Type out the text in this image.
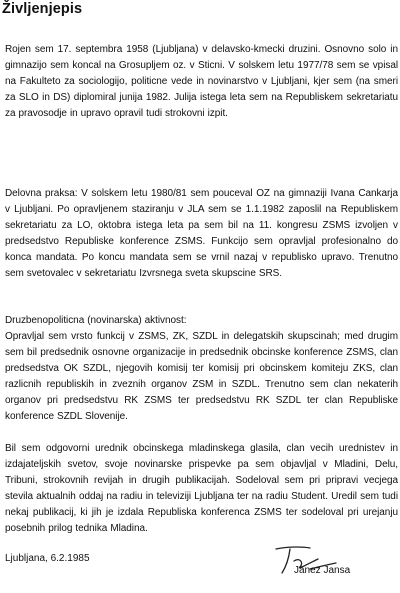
Življenjepis

Rojen sem 17. septembra 1958 (Ljubljana) v delavsko-kmecki druzini. Osnovno solo in gimnazijo sem koncal na Grosupljem oz. v Sticni. V solskem letu 1977/78 sem se vpisal na Fakulteto za sociologijo, politicne vede in novinarstvo v Ljubljani, kjer sem (na smeri za SLO in DS) diplomiral junija 1982. Julija istega leta sem na Republiskem sekretariatu za pravosodje in upravo opravil tudi strokovni izpit.

Delovna praksa: V solskem letu 1980/81 sem pouceval OZ na gimnaziji Ivana Cankarja v Ljubljani. Po opravljenem staziranju v JLA sem se 1.1.1982 zaposlil na Republiskem sekretariatu za LO, oktobra istega leta pa sem bil na 11. kongresu ZSMS izvoljen v predsedstvo Republiske konference ZSMS. Funkcijo sem opravljal profesionalno do konca mandata. Po koncu mandata sem se vrnil nazaj v republisko upravo. Trenutno sem svetovalec v sekretariatu Izvrsnega sveta skupscine SRS.

Druzbenopoliticna (novinarska) aktivnost:

Opravljal sem vrsto funkcij v ZSMS, ZK, SZDL in delegatskih skupscinah; med drugim sem bil predsednik osnovne organizacije in predsednik obcinske konference ZSMS, clan predsedstva OK SZDL, njegovih komisij ter komisij pri obcinskem komiteju ZKS, clan razlicnih republiskih in zveznih organov ZSM in SZDL. Trenutno sem clan nekaterih organov pri predsedstvu RK ZSMS ter predsedstvu RK SZDL ter clan Republiske konference SZDL Slovenije.

Bil sem odgovorni urednik obcinskega mladinskega glasila, clan vecih urednistev in izdajateljskih svetov, svoje novinarske prispevke pa sem objavljal v Mladini, Delu, Tribuni, strokovnih revijah in drugih publikacijah. Sodeloval sem pri pripravi vecjega stevila aktualnih oddaj na radiu in televiziji Ljubljana ter na radiu Student. Uredil sem tudi nekaj publikacij, ki jih je izdala Republiska konferenca ZSMS ter sodeloval pri urejanju posebnih prilog tednika Mladina.

Ljubljana, 6.2.1985

Janez Jansa
